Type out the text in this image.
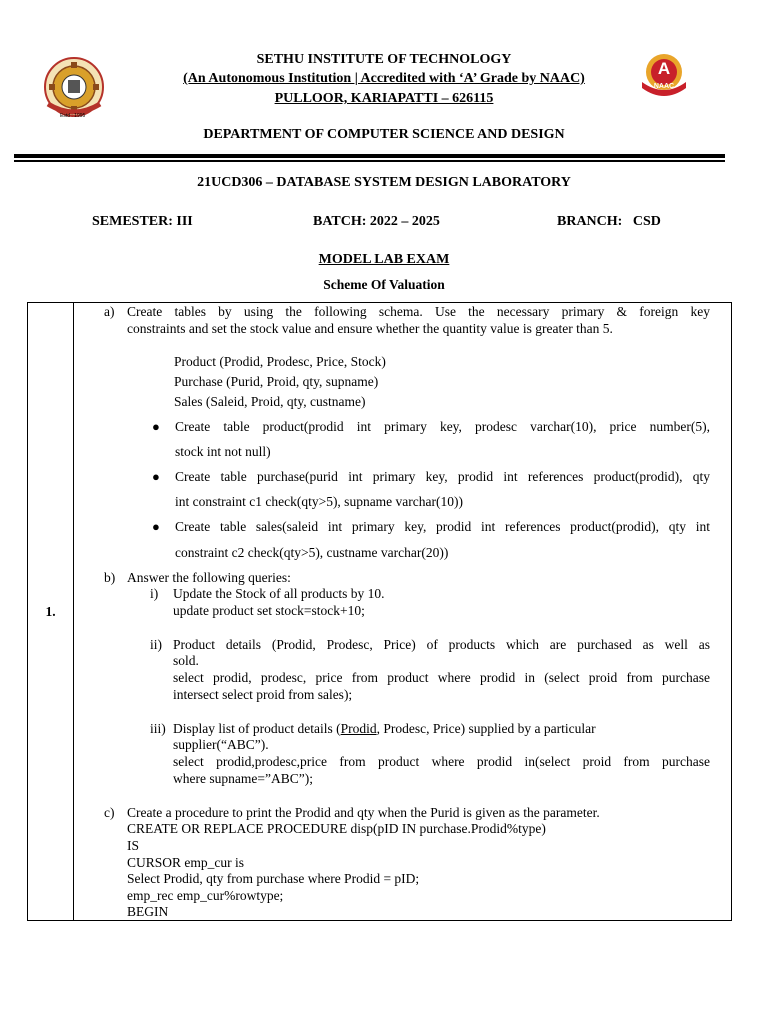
Estd : 1995
A
NAAC
SETHU INSTITUTE OF TECHNOLOGY
(An Autonomous Institution | Accredited with ‘A’ Grade by NAAC)
PULLOOR, KARIAPATTI – 626115
DEPARTMENT OF COMPUTER SCIENCE AND DESIGN
21UCD306 – DATABASE SYSTEM DESIGN LABORATORY
SEMESTER: III	BATCH: 2022 – 2025	BRANCH:   CSD
MODEL LAB EXAM
Scheme Of Valuation
1.	
a) Create tables by using the following schema. Use the necessary primary & foreign key
constraints and set the stock value and ensure whether the quantity value is greater than 5.
Product (Prodid, Prodesc, Price, Stock)
Purchase (Purid, Proid, qty, supname)
Sales (Saleid, Proid, qty, custname)
● Create table product(prodid int primary key, prodesc varchar(10), price number(5),
stock int not null)
● Create table purchase(purid int primary key, prodid int references product(prodid), qty
int constraint c1 check(qty>5), supname varchar(10))
● Create table sales(saleid int primary key, prodid int references product(prodid), qty int
constraint c2 check(qty>5), custname varchar(20))
b) Answer the following queries:
i) Update the Stock of all products by 10.
update product set stock=stock+10;
ii) Product details (Prodid, Prodesc, Price) of products which are purchased as well as
sold.
select prodid, prodesc, price from product where prodid in (select proid from purchase
intersect select proid from sales);
iii) Display list of product details (Prodid, Prodesc, Price) supplied by a particular
supplier(“ABC”).
select prodid,prodesc,price from product where prodid in(select proid from purchase
where supname=”ABC”);
c) Create a procedure to print the Prodid and qty when the Purid is given as the parameter.
CREATE OR REPLACE PROCEDURE disp(pID IN purchase.Prodid%type)
IS
CURSOR emp_cur is
Select Prodid, qty from purchase where Prodid = pID;
emp_rec emp_cur%rowtype;
BEGIN
